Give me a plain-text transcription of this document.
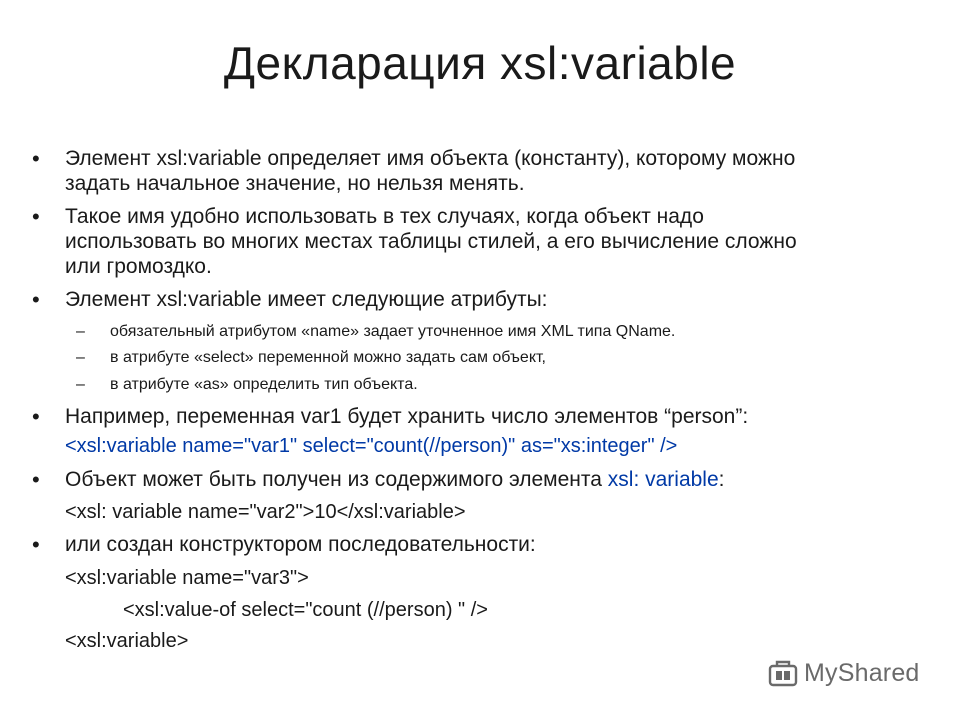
Декларация xsl:variable
• Элемент xsl:variable определяет имя объекта (константу), которому можно
задать начальное значение, но нельзя менять.
• Такое имя удобно использовать в тех случаях, когда объект надо
использовать во многих местах таблицы стилей, а его вычисление сложно
или громоздко.
• Элемент xsl:variable имеет следующие атрибуты:
– обязательный атрибутом «name» задает уточненное имя XML типа QName.
– в атрибуте «select» переменной можно задать сам объект,
– в атрибуте «as» определить тип объекта.
• Например, переменная var1 будет хранить число элементов “person”:
<xsl:variable name="var1" select="count(//person)" as="xs:integer" />
• Объект может быть получен из содержимого элемента xsl: variable:
<xsl: variable name="var2">10</xsl:variable>
• или создан конструктором последовательности:
<xsl:variable name="var3">
<xsl:value-of select="count (//person) " />
<xsl:variable>
MyShared
